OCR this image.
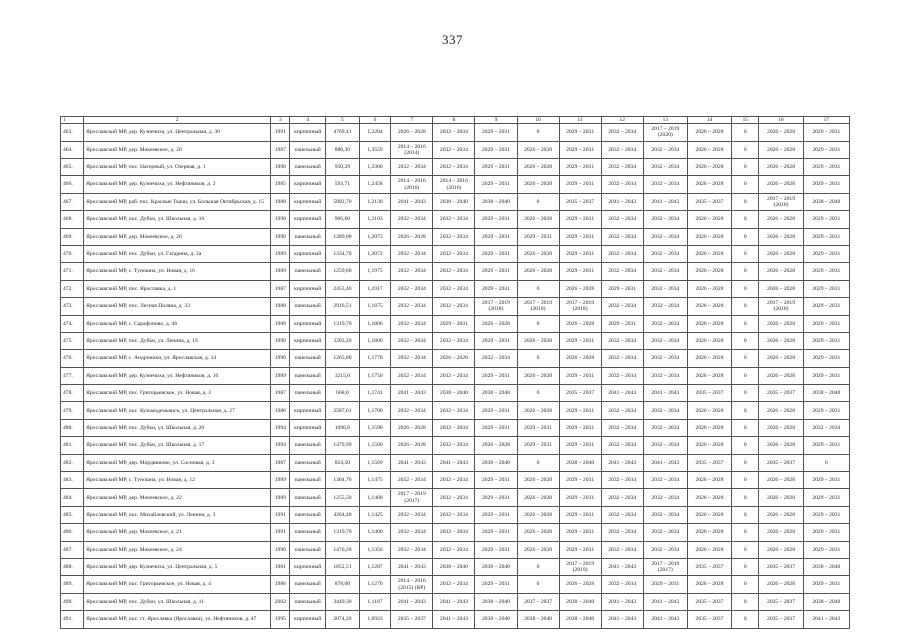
337
1	2	3	4	5	6	7	8	9	10	11	12	13	14	15	16	17
463.	Ярославский МР, дер. Кузнечиха, ул. Центральная, д. 30	1991	кирпичный	4769,41	1,2284	2026 – 2028	2032 – 2034	2029 – 2031	0	2029 – 2031	2032 – 2034	2017 – 2019 (2020)	2026 – 2028	0	2026 – 2028	2029 – 2031
464.	Ярославский МР, дер. Мокеевское, д. 20	1987	панельный	880,30	1,3559	2014 – 2016 (2014)	2032 – 2034	2029 – 2031	2026 – 2028	2029 – 2031	2032 – 2034	2032 – 2034	2026 – 2028	0	2026 – 2028	2029 – 2031
465.	Ярославский МР, пос. Нагорный, ул. Озерная, д. 1	1990	панельный	950,29	1,2300	2032 – 2034	2032 – 2034	2029 – 2031	2026 – 2028	2029 – 2031	2032 – 2034	2032 – 2034	2026 – 2028	0	2026 – 2028	2029 – 2031
466.	Ярославский МР, дер. Кузнечиха, ул. Нефтяников, д. 2	1985	кирпичный	593,71	1,2458	2014 – 2016 (2016)	2014 – 2016 (2016)	2029 – 2031	2026 – 2028	2029 – 2031	2032 – 2034	2032 – 2034	2026 – 2028	0	2026 – 2028	2029 – 2031
467.	Ярославский МР, раб. пос. Красные Ткачи, ул. Большая Октябрьская, д. 15	1988	кирпичный	5892,70	1,2130	2041 – 2043	2038 – 2040	2038 – 2040	0	2035 – 2037	2041 – 2043	2041 – 2043	2035 – 2037	0	2017 – 2019 (2018)	2038 – 2040
468.	Ярославский МР, пос. Дубки, ул. Школьная, д. 16	1990	кирпичный	966,60	1,2103	2032 – 2034	2032 – 2034	2029 – 2031	2026 – 2028	2029 – 2031	2032 – 2034	2032 – 2034	2026 – 2028	0	2026 – 2028	2029 – 2031
469.	Ярославский МР, дер. Мокеевское, д. 26	1990	панельный	1289,00	1,2075	2026 – 2028	2032 – 2034	2029 – 2031	2029 – 2031	2029 – 2031	2032 – 2034	2032 – 2034	2026 – 2028	0	2026 – 2028	2029 – 2031
470.	Ярославский МР, пос. Дубки, ул. Гагарина, д. 2а	1989	кирпичный	1334,70	1,2072	2032 – 2034	2032 – 2034	2029 – 2031	2026 – 2028	2029 – 2031	2032 – 2034	2032 – 2034	2026 – 2028	0	2026 – 2028	2029 – 2031
471.	Ярославский МР, с. Туношна, ул. Новая, д. 16	1989	панельный	1259,60	1,1975	2032 – 2034	2032 – 2034	2029 – 2031	2026 – 2028	2029 – 2031	2032 – 2034	2032 – 2034	2026 – 2028	0	2026 – 2028	2029 – 2031
472.	Ярославский МР, пос. Ярославка, д. 1	1987	кирпичный	2453,40	1,1917	2032 – 2034	2032 – 2034	2029 – 2031	0	2026 – 2028	2029 – 2031	2032 – 2034	2026 – 2028	0	2026 – 2028	2029 – 2031
473.	Ярославский МР, пос. Лесная Поляна, д. 33	1988	панельный	2916,51	1,1875	2032 – 2034	2032 – 2034	2017 – 2019 (2018)	2017 – 2019 (2018)	2017 – 2019 (2018)	2032 – 2034	2032 – 2034	2026 – 2028	0	2017 – 2019 (2018)	2029 – 2031
474.	Ярославский МР, с. Сарафоново, д. 46	1988	кирпичный	1319,70	1,1806	2032 – 2034	2029 – 2031	2026 – 2028	0	2026 – 2028	2029 – 2031	2032 – 2034	2026 – 2028	0	2026 – 2028	2029 – 2031
475.	Ярославский МР, пос. Дубки, ул. Ленина, д. 19	1990	кирпичный	3203,20	1,1800	2032 – 2034	2032 – 2034	2029 – 2031	2026 – 2028	2029 – 2031	2032 – 2034	2032 – 2034	2026 – 2028	0	2026 – 2028	2029 – 2031
476.	Ярославский МР, с. Андроники, ул. Ярославская, д. 14	1990	панельный	1265,80	1,1778	2032 – 2034	2026 – 2028	2032 – 2034	0	2026 – 2028	2032 – 2034	2032 – 2034	2026 – 2028	0	2026 – 2028	2029 – 2031
477.	Ярославский МР, дер. Кузнечиха, ул. Нефтяников, д. 10	1989	панельный	3215,0	1,1750	2032 – 2034	2032 – 2034	2029 – 2031	2026 – 2028	2029 – 2031	2032 – 2034	2032 – 2034	2026 – 2028	0	2026 – 2028	2029 – 2031
478.	Ярославский МР, пос. Григорьевское, ул. Новая, д. 3	1987	панельный	668,0	1,1741	2041 – 2043	2038 – 2040	2038 – 2040	0	2035 – 2037	2041 – 2043	2041 – 2043	2035 – 2037	0	2035 – 2037	2038 – 2040
479.	Ярославский МР, пос. Кузьмодемьянск, ул. Центральная, д. 27	1986	кирпичный	2587,61	1,1700	2032 – 2034	2032 – 2034	2029 – 2031	2026 – 2028	2029 – 2031	2032 – 2034	2032 – 2034	2026 – 2028	0	2026 – 2028	2029 – 2031
480.	Ярославский МР, пос. Дубки, ул. Школьная, д. 20	1994	кирпичный	1096,6	1,1590	2026 – 2028	2032 – 2034	2029 – 2031	2029 – 2031	2029 – 2031	2032 – 2034	2032 – 2034	2026 – 2028	0	2026 – 2028	2032 – 2034
481.	Ярославский МР, пос. Дубки, ул. Школьная, д. 17	1994	панельный	1479,99	1,1580	2026 – 2028	2032 – 2034	2026 – 2028	2029 – 2031	2029 – 2031	2032 – 2034	2032 – 2034	2026 – 2028	0	2026 – 2028	2029 – 2031
482.	Ярославский МР, дер. Мордвиново, ул. Сосновая, д. 3	1987	панельный	824,50	1,1569	2041 – 2043	2041 – 2043	2038 – 2040	0	2038 – 2040	2041 – 2043	2041 – 2043	2035 – 2037	0	2035 – 2037	0
483.	Ярославский МР, с. Туношна, ул. Новая, д. 12	1989	панельный	1304,70	1,1475	2032 – 2034	2032 – 2034	2029 – 2031	2026 – 2028	2029 – 2031	2032 – 2034	2032 – 2034	2026 – 2028	0	2026 – 2028	2029 – 2031
484.	Ярославский МР, дер. Мокеевское, д. 22	1989	панельный	1255,50	1,1468	2017 – 2019 (2017)	2032 – 2034	2029 – 2031	2026 – 2028	2029 – 2031	2032 – 2034	2032 – 2034	2026 – 2028	0	2026 – 2028	2029 – 2031
485.	Ярославский МР, пос. Михайловский, ул. Ленина, д. 3	1991	панельный	4204,40	1,1425	2032 – 2034	2032 – 2034	2029 – 2031	2026 – 2028	2029 – 2031	2032 – 2034	2032 – 2034	2026 – 2028	0	2026 – 2028	2029 – 2031
486.	Ярославский МР, дер. Мокеевское, д. 21	1991	панельный	1319,70	1,1400	2032 – 2034	2032 – 2034	2029 – 2031	2026 – 2028	2029 – 2031	2032 – 2034	2032 – 2034	2026 – 2028	0	2026 – 2028	2029 – 2031
487.	Ярославский МР, дер. Мокеевское, д. 24	1990	панельный	1470,20	1,1356	2032 – 2034	2032 – 2034	2029 – 2031	2026 – 2028	2029 – 2031	2032 – 2034	2032 – 2034	2026 – 2028	0	2026 – 2028	2029 – 2031
488.	Ярославский МР, дер. Кузнечиха, ул. Центральная, д. 5	1981	кирпичный	1852,51	1,1287	2041 – 2043	2038 – 2040	2038 – 2040	0	2017 – 2019 (2019)	2041 – 2043	2017 – 2019 (2017)	2035 – 2037	0	2035 – 2037	2038 – 2040
489.	Ярославский МР, пос. Григорьевское, ул. Новая, д. 4	1986	панельный	878,00	1,1270	2014 – 2016 (2015) (ВР)	2032 – 2034	2029 – 2031	0	2026 – 2028	2032 – 2034	2029 – 2031	2026 – 2028	0	2026 – 2028	2029 – 2031
490.	Ярославский МР, пос. Дубки, ул. Школьная, д. 11	2002	панельный	3449,30	1,1187	2041 – 2043	2041 – 2043	2038 – 2040	2037 – 2037	2038 – 2040	2041 – 2043	2041 – 2043	2035 – 2037	0	2035 – 2037	2038 – 2040
491.	Ярославский МР, пос. ст. Ярославка (Ярославка), ул. Нефтяников, д. 47	1995	кирпичный	2074,20	1,0923	2035 – 2037	2041 – 2043	2038 – 2040	2038 – 2040	2038 – 2040	2041 – 2043	2041 – 2043	2035 – 2037	0	2035 – 2037	2041 – 2043
